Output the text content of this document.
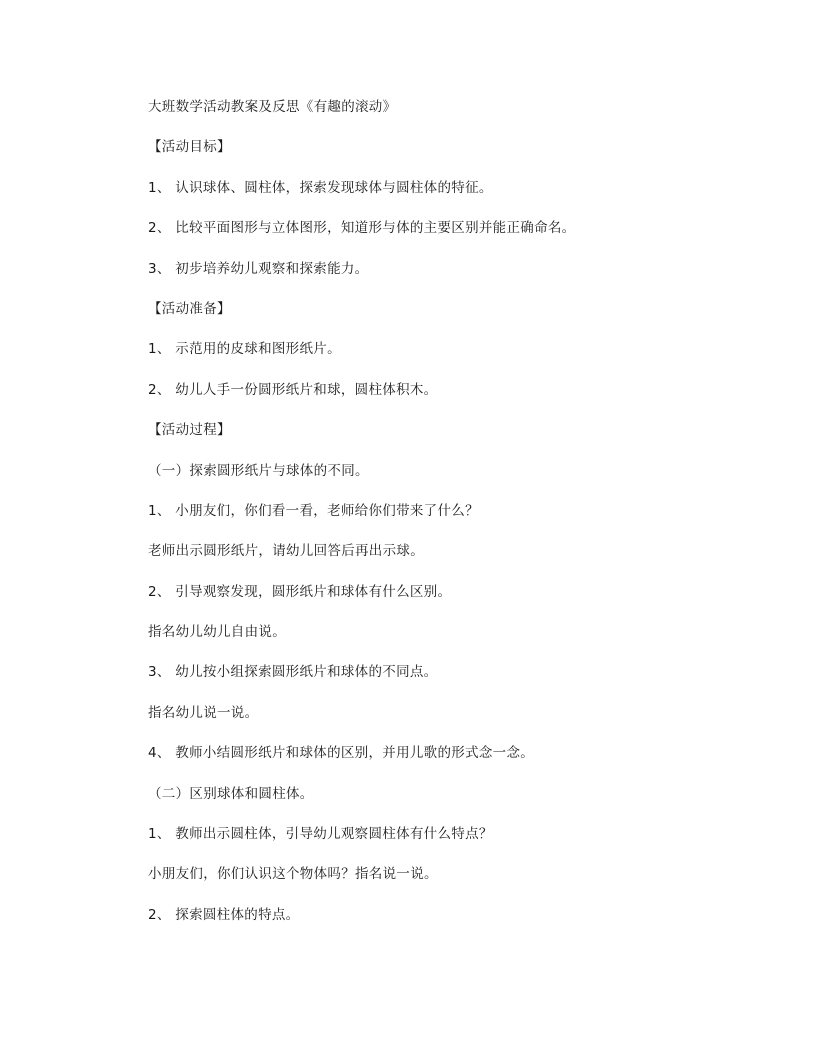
大班数学活动教案及反思《有趣的滚动》
【活动目标】
1、 认识球体、圆柱体，探索发现球体与圆柱体的特征。
2、 比较平面图形与立体图形，知道形与体的主要区别并能正确命名。
3、 初步培养幼儿观察和探索能力。
【活动准备】
1、 示范用的皮球和图形纸片。
2、 幼儿人手一份圆形纸片和球，圆柱体积木。
【活动过程】
（一）探索圆形纸片与球体的不同。
1、 小朋友们，你们看一看，老师给你们带来了什么？
老师出示圆形纸片，请幼儿回答后再出示球。
2、 引导观察发现，圆形纸片和球体有什么区别。
指名幼儿幼儿自由说。
3、 幼儿按小组探索圆形纸片和球体的不同点。
指名幼儿说一说。
4、 教师小结圆形纸片和球体的区别，并用儿歌的形式念一念。
（二）区别球体和圆柱体。
1、 教师出示圆柱体，引导幼儿观察圆柱体有什么特点？
小朋友们，你们认识这个物体吗？指名说一说。
2、 探索圆柱体的特点。
